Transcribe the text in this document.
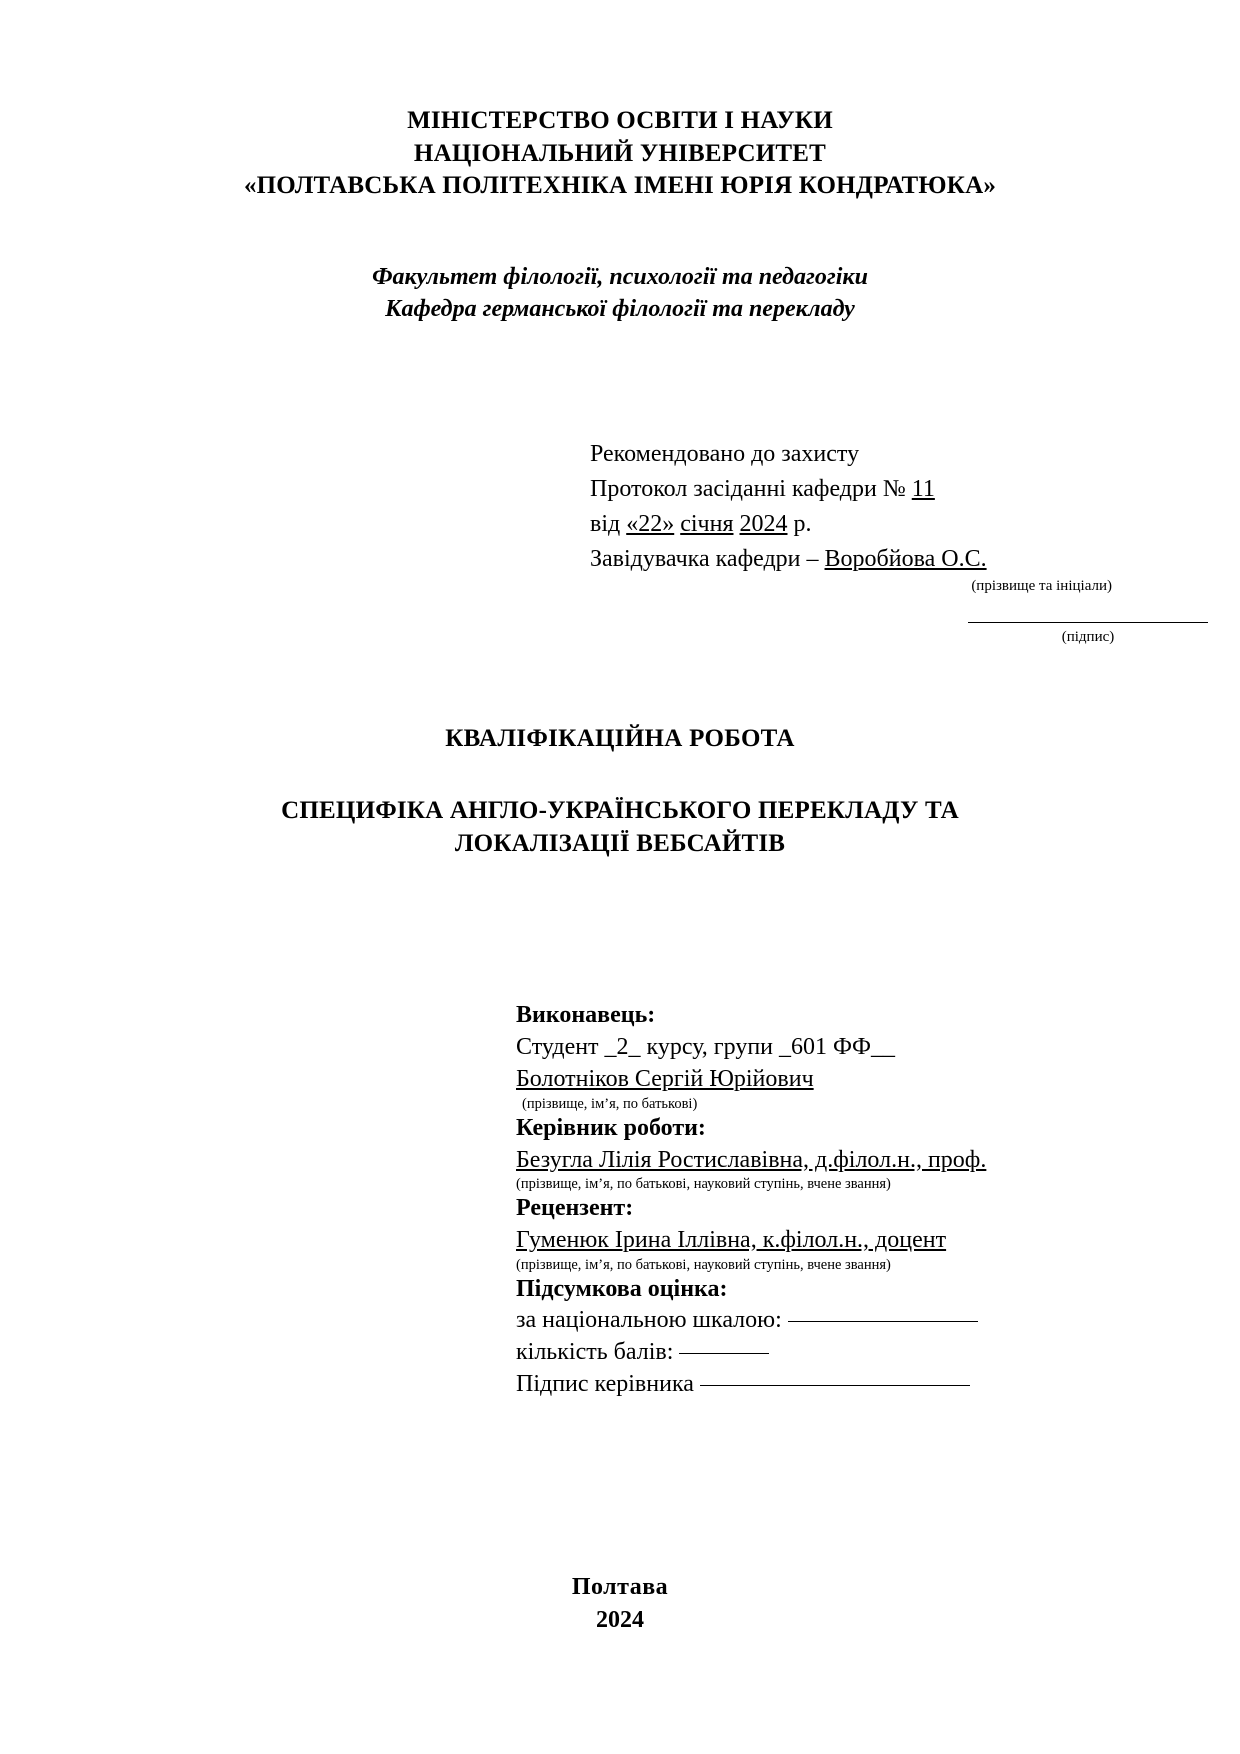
МІНІСТЕРСТВО ОСВІТИ І НАУКИ
НАЦІОНАЛЬНИЙ УНІВЕРСИТЕТ
«ПОЛТАВСЬКА ПОЛІТЕХНІКА ІМЕНІ ЮРІЯ КОНДРАТЮКА»
Факультет філології, психології та педагогіки
Кафедра германської філології та перекладу
Рекомендовано до захисту
Протокол засіданні кафедри № 11
від «22» січня 2024 р.
Завідувачка кафедри – Воробйова О.С.
(прізвище та ініціали)
(підпис)
КВАЛІФІКАЦІЙНА РОБОТА
СПЕЦИФІКА АНГЛО-УКРАЇНСЬКОГО ПЕРЕКЛАДУ ТА
ЛОКАЛІЗАЦІЇ ВЕБСАЙТІВ
Виконавець:
Студент _2_ курсу, групи _601 ФФ__
Болотніков Сергій Юрійович
(прізвище, ім’я, по батькові)
Керівник роботи:
Безугла Лілія Ростиславівна, д.філол.н., проф.
(прізвище, ім’я, по батькові, науковий ступінь, вчене звання)
Рецензент:
Гуменюк Ірина Іллівна, к.філол.н., доцент
(прізвище, ім’я, по батькові, науковий ступінь, вчене звання)
Підсумкова оцінка:
за національною шкалою:
кількість балів:
Підпис керівника
Полтава
2024
